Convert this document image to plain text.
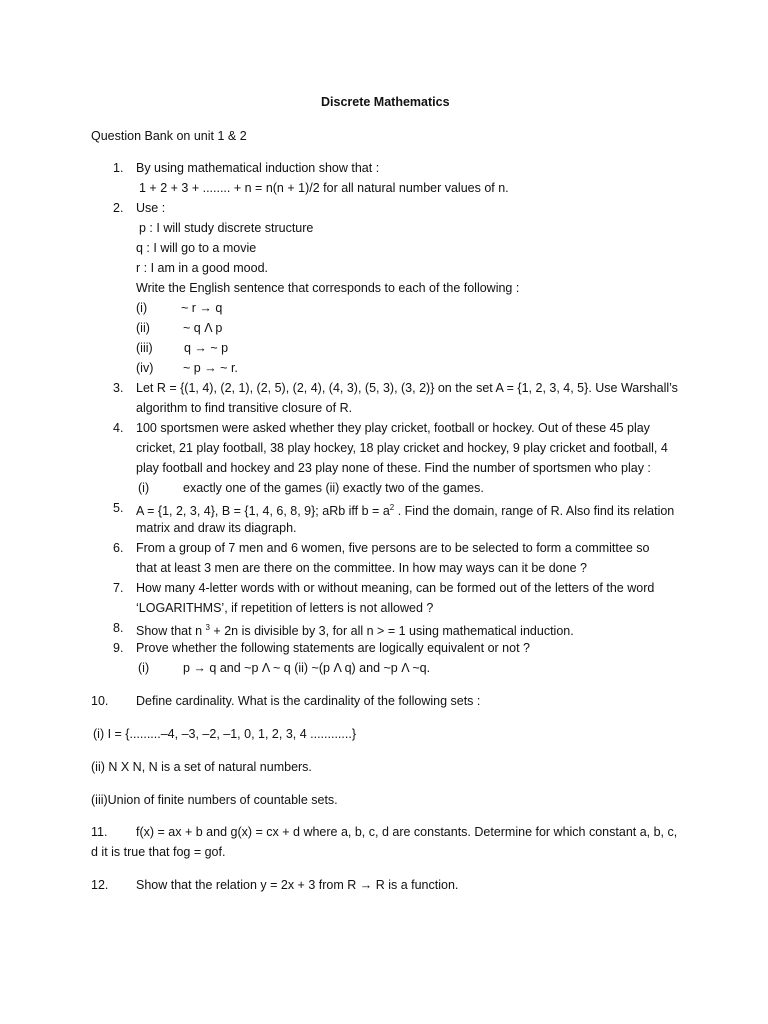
Discrete Mathematics
Question Bank on unit 1 & 2
1. By using mathematical induction show that :
1 + 2 + 3 + ........ + n = n(n + 1)/2 for all natural number values of n.
2. Use :
p : I will study discrete structure
q : I will go to a movie
r : I am in a good mood.
Write the English sentence that corresponds to each of the following :
(i)	~ r → q
(ii)	~ q Λ p
(iii)	q → ~ p
(iv) ~ p → ~ r.
3. Let R = {(1, 4), (2, 1), (2, 5), (2, 4), (4, 3), (5, 3), (3, 2)} on the set A = {1, 2, 3, 4, 5}. Use Warshall’s
algorithm to find transitive closure of R.
4. 100 sportsmen were asked whether they play cricket, football or hockey. Out of these 45 play
cricket, 21 play football, 38 play hockey, 18 play cricket and hockey, 9 play cricket and football, 4
play football and hockey and 23 play none of these. Find the number of sportsmen who play :
(i)	exactly one of the games (ii) exactly two of the games.
5. A = {1, 2, 3, 4}, B = {1, 4, 6, 8, 9}; aRb iff $b = a^2$ . Find the domain, range of R. Also find its relation
matrix and draw its diagraph.
6. From a group of 7 men and 6 women, five persons are to be selected to form a committee so
that at least 3 men are there on the committee. In how may ways can it be done ?
7. How many 4-letter words with or without meaning, can be formed out of the letters of the word
‘LOGARITHMS’, if repetition of letters is not allowed ?
8. Show that n $^3$ + 2n is divisible by 3, for all n > = 1 using mathematical induction.
9. Prove whether the following statements are logically equivalent or not ?
(i)	p → q and ~p Λ ~ q (ii) ~(p Λ q) and ~p Λ ~q.
10. Define cardinality. What is the cardinality of the following sets :
(i) I = {.........–4, –3, –2, –1, 0, 1, 2, 3, 4 ............}
(ii) N X N, N is a set of natural numbers.
(iii)Union of finite numbers of countable sets.
11. f(x) = ax + b and g(x) = cx + d where a, b, c, d are constants. Determine for which constant a, b, c,
d it is true that fog = gof.
12. Show that the relation y = 2x + 3 from R → R is a function.
